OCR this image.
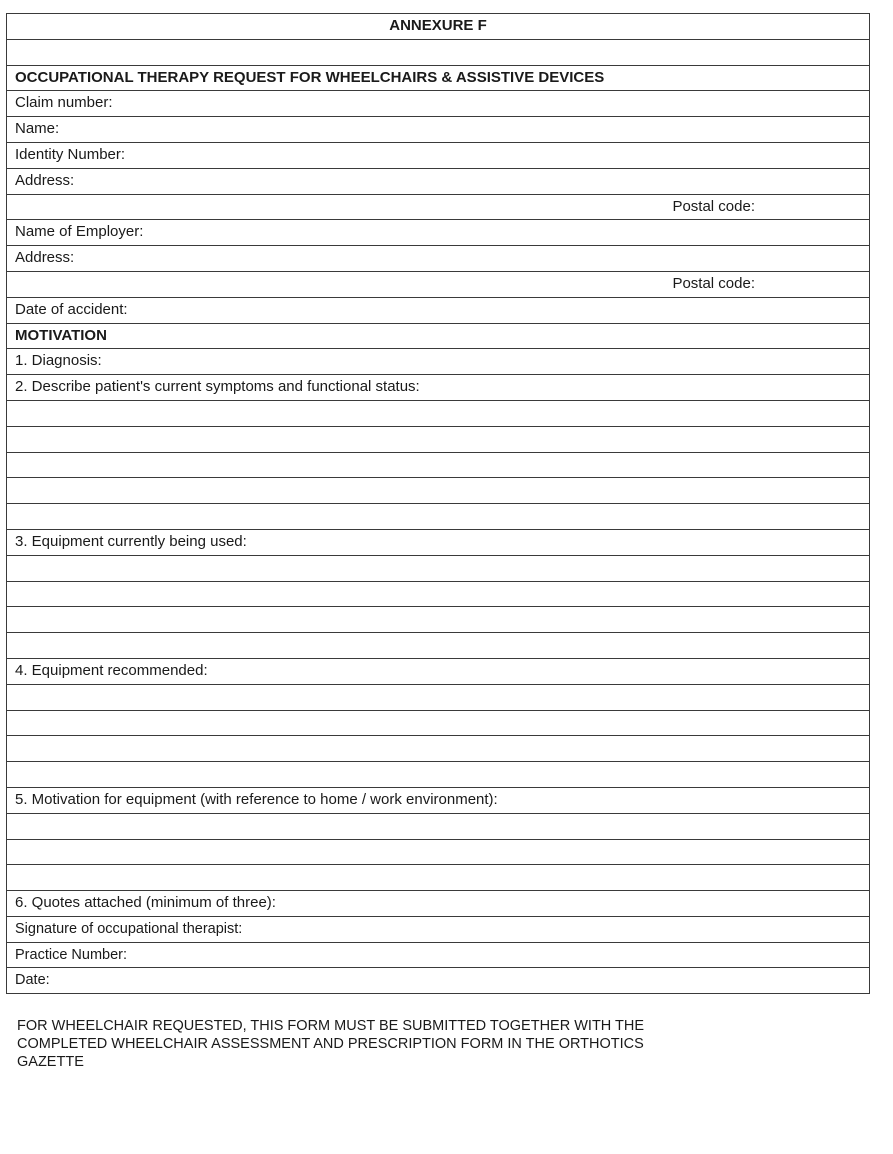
ANNEXURE F
OCCUPATIONAL THERAPY REQUEST FOR WHEELCHAIRS & ASSISTIVE DEVICES
Claim number:
Name:
Identity Number:
Address:
Postal code:
Name of Employer:
Address:
Postal code:
Date of accident:
MOTIVATION
1. Diagnosis:
2. Describe patient's current symptoms and functional status:
3. Equipment currently being used:
4. Equipment recommended:
5. Motivation for equipment (with reference to home / work environment):
6. Quotes attached (minimum of three):
Signature of occupational therapist:
Practice Number:
Date:
FOR WHEELCHAIR REQUESTED, THIS FORM MUST BE SUBMITTED TOGETHER WITH THE
COMPLETED WHEELCHAIR ASSESSMENT AND PRESCRIPTION FORM IN THE ORTHOTICS
GAZETTE
